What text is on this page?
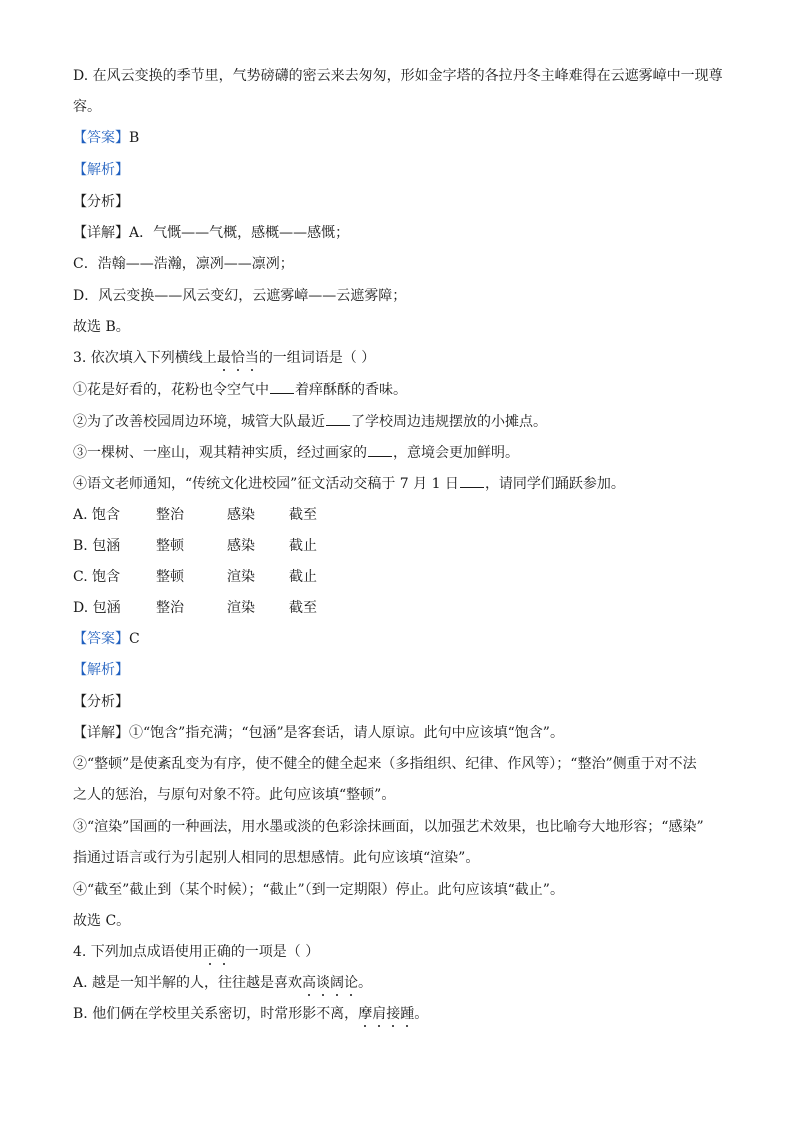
D. 在风云变换的季节里，气势磅礴的密云来去匆匆，形如金字塔的各拉丹冬主峰难得在云遮雾嶂中一现尊
容。
【答案】B
【解析】
【分析】
【详解】A．气慨——气概，感概——感慨；
C．浩翰——浩瀚，凛冽——凛冽；
D．风云变换——风云变幻，云遮雾嶂——云遮雾障；
故选 B。
3. 依次填入下列横线上最恰当的一组词语是（ ）
①花是好看的，花粉也令空气中 着痒酥酥的香味。
②为了改善校园周边环境，城管大队最近 了学校周边违规摆放的小摊点。
③一棵树、一座山，观其精神实质，经过画家的 ，意境会更加鲜明。
④语文老师通知，“传统文化进校园”征文活动交稿于 7 月 1 日 ，请同学们踊跃参加。
A. 饱含	整治	感染 截至
B. 包涵	整顿	感染 截止
C. 饱含	整顿	渲染 截止
D. 包涵	整治	渲染 截至
【答案】C
【解析】
【分析】
【详解】①“饱含”指充满；“包涵”是客套话，请人原谅。此句中应该填“饱含”。
②“整顿”是使紊乱变为有序，使不健全的健全起来（多指组织、纪律、作风等）；“整治”侧重于对不法
之人的惩治，与原句对象不符。此句应该填“整顿”。
③“渲染”国画的一种画法，用水墨或淡的色彩涂抹画面，以加强艺术效果，也比喻夸大地形容；“感染”
指通过语言或行为引起别人相同的思想感情。此句应该填“渲染”。
④“截至”截止到（某个时候）；“截止”（到一定期限）停止。此句应该填“截止”。
故选 C。
4. 下列加点成语使用正确的一项是（ ）
A. 越是一知半解的人，往往越是喜欢高谈阔论。
B. 他们俩在学校里关系密切，时常形影不离，摩肩接踵。
